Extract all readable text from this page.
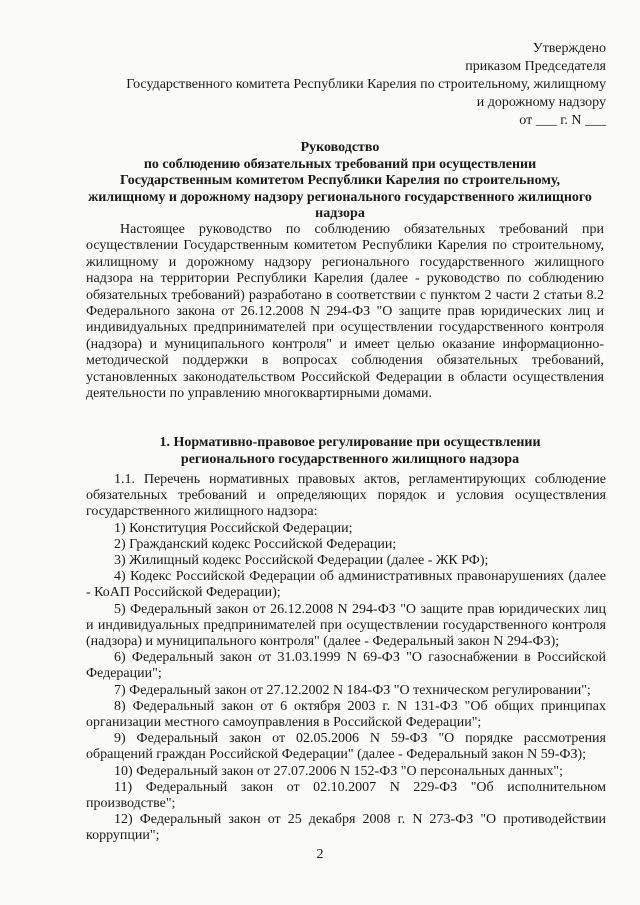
Утверждено
приказом Председателя
Государственного комитета Республики Карелия по строительному, жилищному
и дорожному надзору
от ___ г. N ___
Руководство
по соблюдению обязательных требований при осуществлении
Государственным комитетом Республики Карелия по строительному,
жилищному и дорожному надзору регионального государственного жилищного
надзора

Настоящее руководство по соблюдению обязательных требований при осуществлении Государственным комитетом Республики Карелия по строительному, жилищному и дорожному надзору регионального государственного жилищного надзора на территории Республики Карелия (далее - руководство по соблюдению обязательных требований) разработано в соответствии с пунктом 2 части 2 статьи 8.2 Федерального закона от 26.12.2008 N 294-ФЗ "О защите прав юридических лиц и индивидуальных предпринимателей при осуществлении государственного контроля (надзора) и муниципального контроля" и имеет целью оказание информационно-методической поддержки в вопросах соблюдения обязательных требований, установленных законодательством Российской Федерации в области осуществления деятельности по управлению многоквартирными домами.

1. Нормативно-правовое регулирование при осуществлении
регионального государственного жилищного надзора

1.1. Перечень нормативных правовых актов, регламентирующих соблюдение обязательных требований и определяющих порядок и условия осуществления государственного жилищного надзора:

1) Конституция Российской Федерации;

2) Гражданский кодекс Российской Федерации;

3) Жилищный кодекс Российской Федерации (далее - ЖК РФ);

4) Кодекс Российской Федерации об административных правонарушениях (далее - КоАП Российской Федерации);

5) Федеральный закон от 26.12.2008 N 294-ФЗ "О защите прав юридических лиц и индивидуальных предпринимателей при осуществлении государственного контроля (надзора) и муниципального контроля" (далее - Федеральный закон N 294-ФЗ);

6) Федеральный закон от 31.03.1999 N 69-ФЗ "О газоснабжении в Российской Федерации";

7) Федеральный закон от 27.12.2002 N 184-ФЗ "О техническом регулировании";

8) Федеральный закон от 6 октября 2003 г. N 131-ФЗ "Об общих принципах организации местного самоуправления в Российской Федерации";

9) Федеральный закон от 02.05.2006 N 59-ФЗ "О порядке рассмотрения обращений граждан Российской Федерации" (далее - Федеральный закон N 59-ФЗ);

10) Федеральный закон от 27.07.2006 N 152-ФЗ "О персональных данных";

11) Федеральный закон от 02.10.2007 N 229-ФЗ "Об исполнительном производстве";

12) Федеральный закон от 25 декабря 2008 г. N 273-ФЗ "О противодействии коррупции";

2
